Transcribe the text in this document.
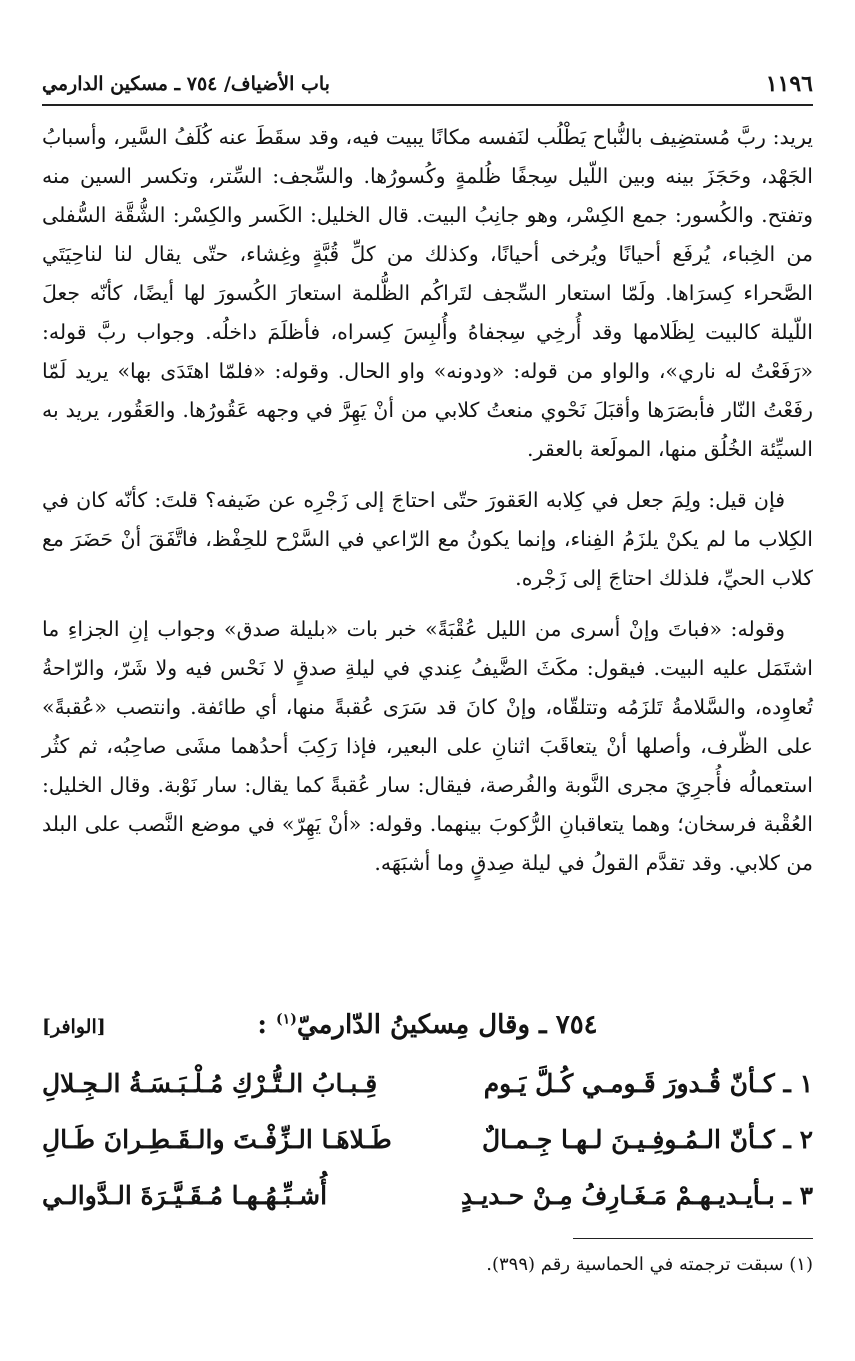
١١٩٦
باب الأضياف/ ٧٥٤ ـ مسكين الدارمي

يريد: ربَّ مُستضِيف بالنُّباح يَطْلُب لنَفسه مكانًا يبيت فيه، وقد سقَطَ عنه كُلَفُ السَّير، وأسبابُ الجَهْد، وحَجَزَ بينه وبين اللّيل سِجفًا ظُلمةٍ وكُسورُها. والسِّجف: السِّتر، وتكسر السين منه وتفتح. والكُسور: جمع الكِسْر، وهو جانِبُ البيت. قال الخليل: الكَسر والكِسْر: الشُّقَّة السُّفلى من الخِباء، يُرفَع أحيانًا ويُرخى أحيانًا، وكذلك من كلِّ قُبَّةٍ وغِشاء، حتّى يقال لنا لناحِيَتَي الصَّحراء كِسرَاها. ولَمّا استعار السِّجف لتَراكُم الظُّلمة استعارَ الكُسورَ لها أيضًا، كأنّه جعلَ اللّيلة كالبيت لِظَلامها وقد أُرخِي سِجفاهُ وأُلبِسَ كِسراه، فأظلَمَ داخلُه. وجواب ربَّ قوله: «رَفَعْتُ له ناري»، والواو من قوله: «ودونه» واو الحال. وقوله: «فلمّا اهتَدَى بها» يريد لَمّا رفَعْتُ النّار فأبصَرَها وأقبَلَ نَحْوي منعتُ كلابي من أنْ يَهِرَّ في وجهه عَقُورُها. والعَقُور، يريد به السيِّئة الخُلُق منها، المولَعة بالعقر.

فإن قيل: ولِمَ جعل في كِلابه العَقورَ حتّى احتاجَ إلى زَجْرِه عن ضَيفه؟ قلتَ: كأنّه كان في الكِلاب ما لم يكنْ يلزَمُ الفِناء، وإنما يكونُ مع الرّاعي في السَّرْح للحِفْظ، فاتَّفَقَ أنْ حَضَرَ مع كلاب الحيِّ، فلذلك احتاجَ إلى زَجْره.

وقوله: «فباتَ وإنْ أسرى من الليل عُقْبَةً» خبر بات «بليلة صدق» وجواب إنِ الجزاءِ ما اشتَمَل عليه البيت. فيقول: مكَثَ الضَّيفُ عِندي في ليلةِ صدقٍ لا نَحْس فيه ولا شَرّ، والرّاحةُ تُعاوِده، والسَّلامةُ تَلزَمُه وتتلقّاه، وإنْ كانَ قد سَرَى عُقبةً منها، أي طائفة. وانتصب «عُقبةً» على الظّرف، وأصلها أنْ يتعاقَبَ اثنانِ على البعير، فإذا رَكِبَ أحدُهما مشَى صاحِبُه، ثم كثُر استعمالُه فأُجرِيَ مجرى النَّوبة والفُرصة، فيقال: سار عُقبةً كما يقال: سار نَوْبة. وقال الخليل: العُقْبة فرسخان؛ وهما يتعاقبانِ الرُّكوبَ بينهما. وقوله: «أنْ يَهِرّ» في موضع النَّصب على البلد من كلابي. وقد تقدَّم القولُ في ليلة صِدقٍ وما أشبَهَه.

٧٥٤ ـ وقال مِسكينُ الدّارميّ$^{(١)}$ :
[الوافر]
١ ـ كـأنّ قُـدورَ قَـومـي كُـلَّ يَـوم
قِـبـابُ الـتُّـرْكِ مُـلْـبَـسَـةُ الـجِـلالِ
٢ ـ كـأنّ الـمُـوفِـيـنَ لـهـا جِـمـالٌ
طَـلاهَـا الـزِّفْـتَ والـقَـطِـرانَ طَـالِ
٣ ـ بـأيـديـهـمْ مَـغَـارِفُ مِـنْ حـديـدٍ
أُشـبِّـهُـهـا مُـقَـيَّـرَةَ الـدَّوالـي
(١) سبقت ترجمته في الحماسية رقم (٣٩٩).
